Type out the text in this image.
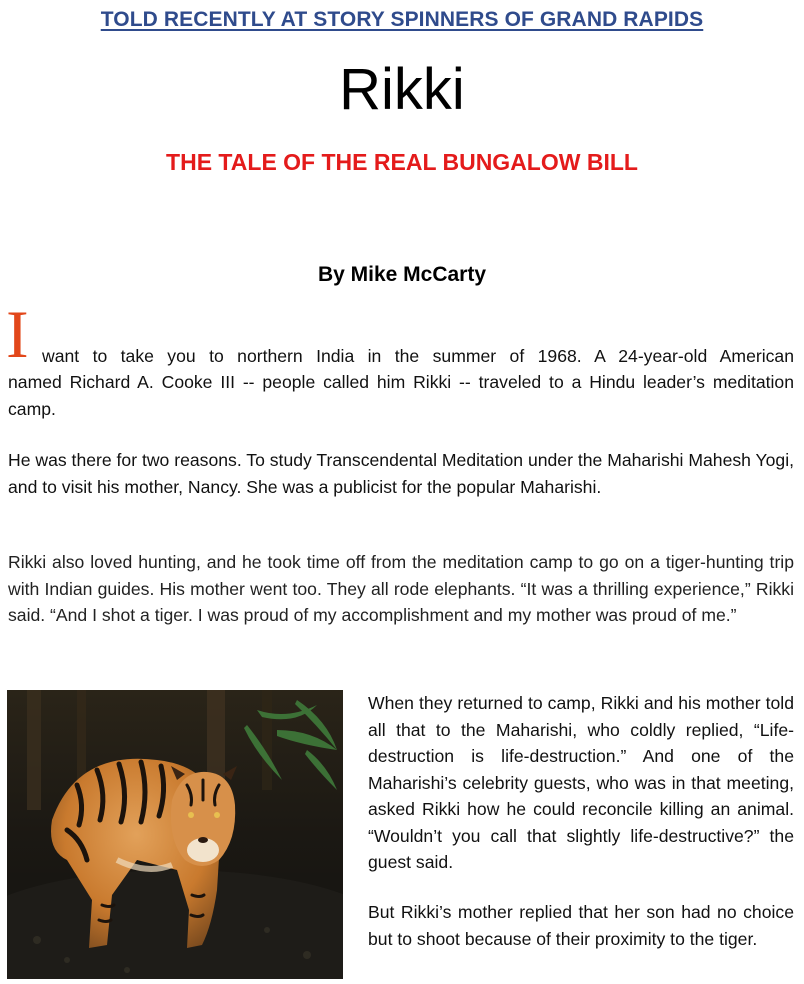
TOLD RECENTLY AT STORY SPINNERS OF GRAND RAPIDS
Rikki
THE TALE OF THE REAL BUNGALOW BILL
By Mike McCarty
I want to take you to northern India in the summer of 1968. A 24-year-old American

named Richard A. Cooke III -- people called him Rikki -- traveled to a Hindu leader’s meditation camp.

He was there for two reasons. To study Transcendental Meditation under the Maharishi Mahesh Yogi, and to visit his mother, Nancy. She was a publicist for the popular Maharishi.

Rikki also loved hunting, and he took time off from the meditation camp to go on a tiger-hunting trip with Indian guides. His mother went too. They all rode elephants. “It was a thrilling experience,” Rikki said. “And I shot a tiger. I was proud of my accomplishment and my mother was proud of me.”

When they returned to camp, Rikki and his mother told all that to the Maharishi, who coldly replied, “Life-destruction is life-destruction.” And one of the Maharishi’s celebrity guests, who was in that meeting, asked Rikki how he could reconcile killing an animal. “Wouldn’t you call that slightly life-destructive?” the guest said.

But Rikki’s mother replied that her son had no choice but to shoot because of their proximity to the tiger.
